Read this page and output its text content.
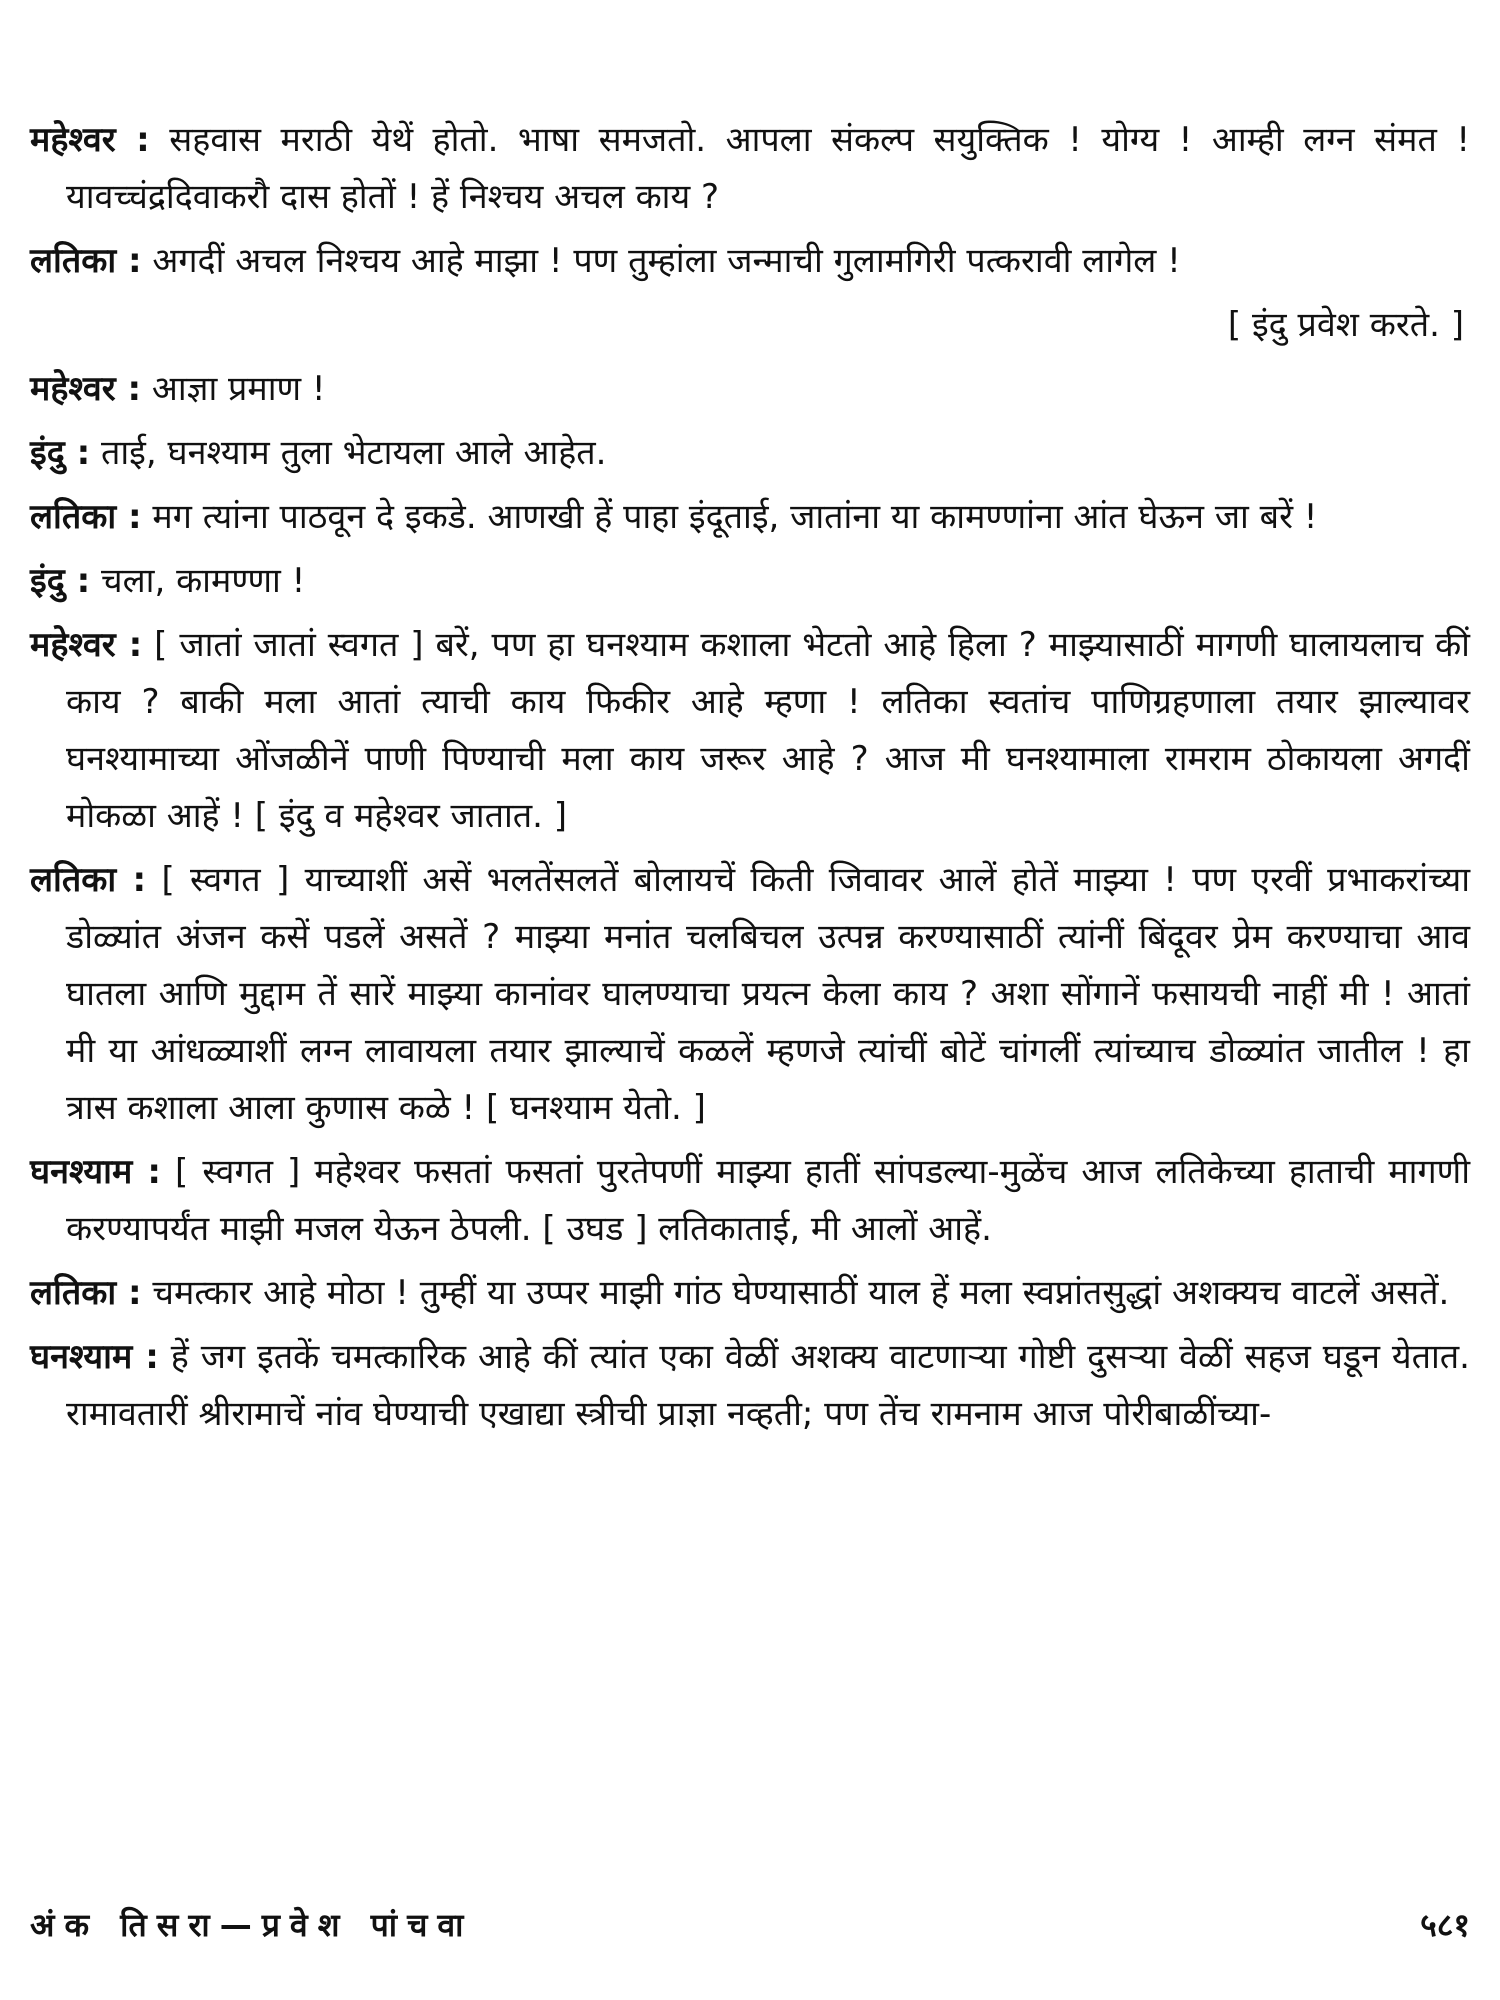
महेश्वर : सहवास मराठी येथें होतो. भाषा समजतो. आपला संकल्प सयुक्तिक ! योग्य ! आम्ही लग्न संमत ! यावच्चंद्रदिवाकरौ दास होतों ! हें निश्चय अचल काय ?

लतिका : अगदीं अचल निश्चय आहे माझा ! पण तुम्हांला जन्माची गुलामगिरी पत्करावी लागेल !

[ इंदु प्रवेश करते. ]

महेश्वर : आज्ञा प्रमाण !

इंदु : ताई, घनश्याम तुला भेटायला आले आहेत.

लतिका : मग त्यांना पाठवून दे इकडे. आणखी हें पाहा इंदूताई, जातांना या कामण्णांना आंत घेऊन जा बरें !

इंदु : चला, कामण्णा !

महेश्वर : [ जातां जातां स्वगत ] बरें, पण हा घनश्याम कशाला भेटतो आहे हिला ? माझ्यासाठीं मागणी घालायलाच कीं काय ? बाकी मला आतां त्याची काय फिकीर आहे म्हणा ! लतिका स्वतांच पाणिग्रहणाला तयार झाल्यावर घनश्यामाच्या ओंजळीनें पाणी पिण्याची मला काय जरूर आहे ? आज मी घनश्यामाला रामराम ठोकायला अगदीं मोकळा आहें ! [ इंदु व महेश्वर जातात. ]

लतिका : [ स्वगत ] याच्याशीं असें भलतेंसलतें बोलायचें किती जिवावर आलें होतें माझ्या ! पण एरवीं प्रभाकरांच्या डोळ्यांत अंजन कसें पडलें असतें ? माझ्या मनांत चलबिचल उत्पन्न करण्यासाठीं त्यांनीं बिंदूवर प्रेम करण्याचा आव घातला आणि मुद्दाम तें सारें माझ्या कानांवर घालण्याचा प्रयत्न केला काय ? अशा सोंगानें फसायची नाहीं मी ! आतां मी या आंधळ्याशीं लग्न लावायला तयार झाल्याचें कळलें म्हणजे त्यांचीं बोटें चांगलीं त्यांच्याच डोळ्यांत जातील ! हा त्रास कशाला आला कुणास कळे ! [ घनश्याम येतो. ]

घनश्याम : [ स्वगत ] महेश्वर फसतां फसतां पुरतेपणीं माझ्या हातीं सांपडल्या-मुळेंच आज लतिकेच्या हाताची मागणी करण्यापर्यंत माझी मजल येऊन ठेपली. [ उघड ] लतिकाताई, मी आलों आहें.

लतिका : चमत्कार आहे मोठा ! तुम्हीं या उप्पर माझी गांठ घेण्यासाठीं याल हें मला स्वप्नांतसुद्धां अशक्यच वाटलें असतें.

घनश्याम : हें जग इतकें चमत्कारिक आहे कीं त्यांत एका वेळीं अशक्य वाटणाऱ्या गोष्टी दुसऱ्या वेळीं सहज घडून येतात. रामावतारीं श्रीरामाचें नांव घेण्याची एखाद्या स्त्रीची प्राज्ञा नव्हती; पण तेंच रामनाम आज पोरीबाळींच्या-

अंक तिसरा—प्रवेश पांचवा	५८१
